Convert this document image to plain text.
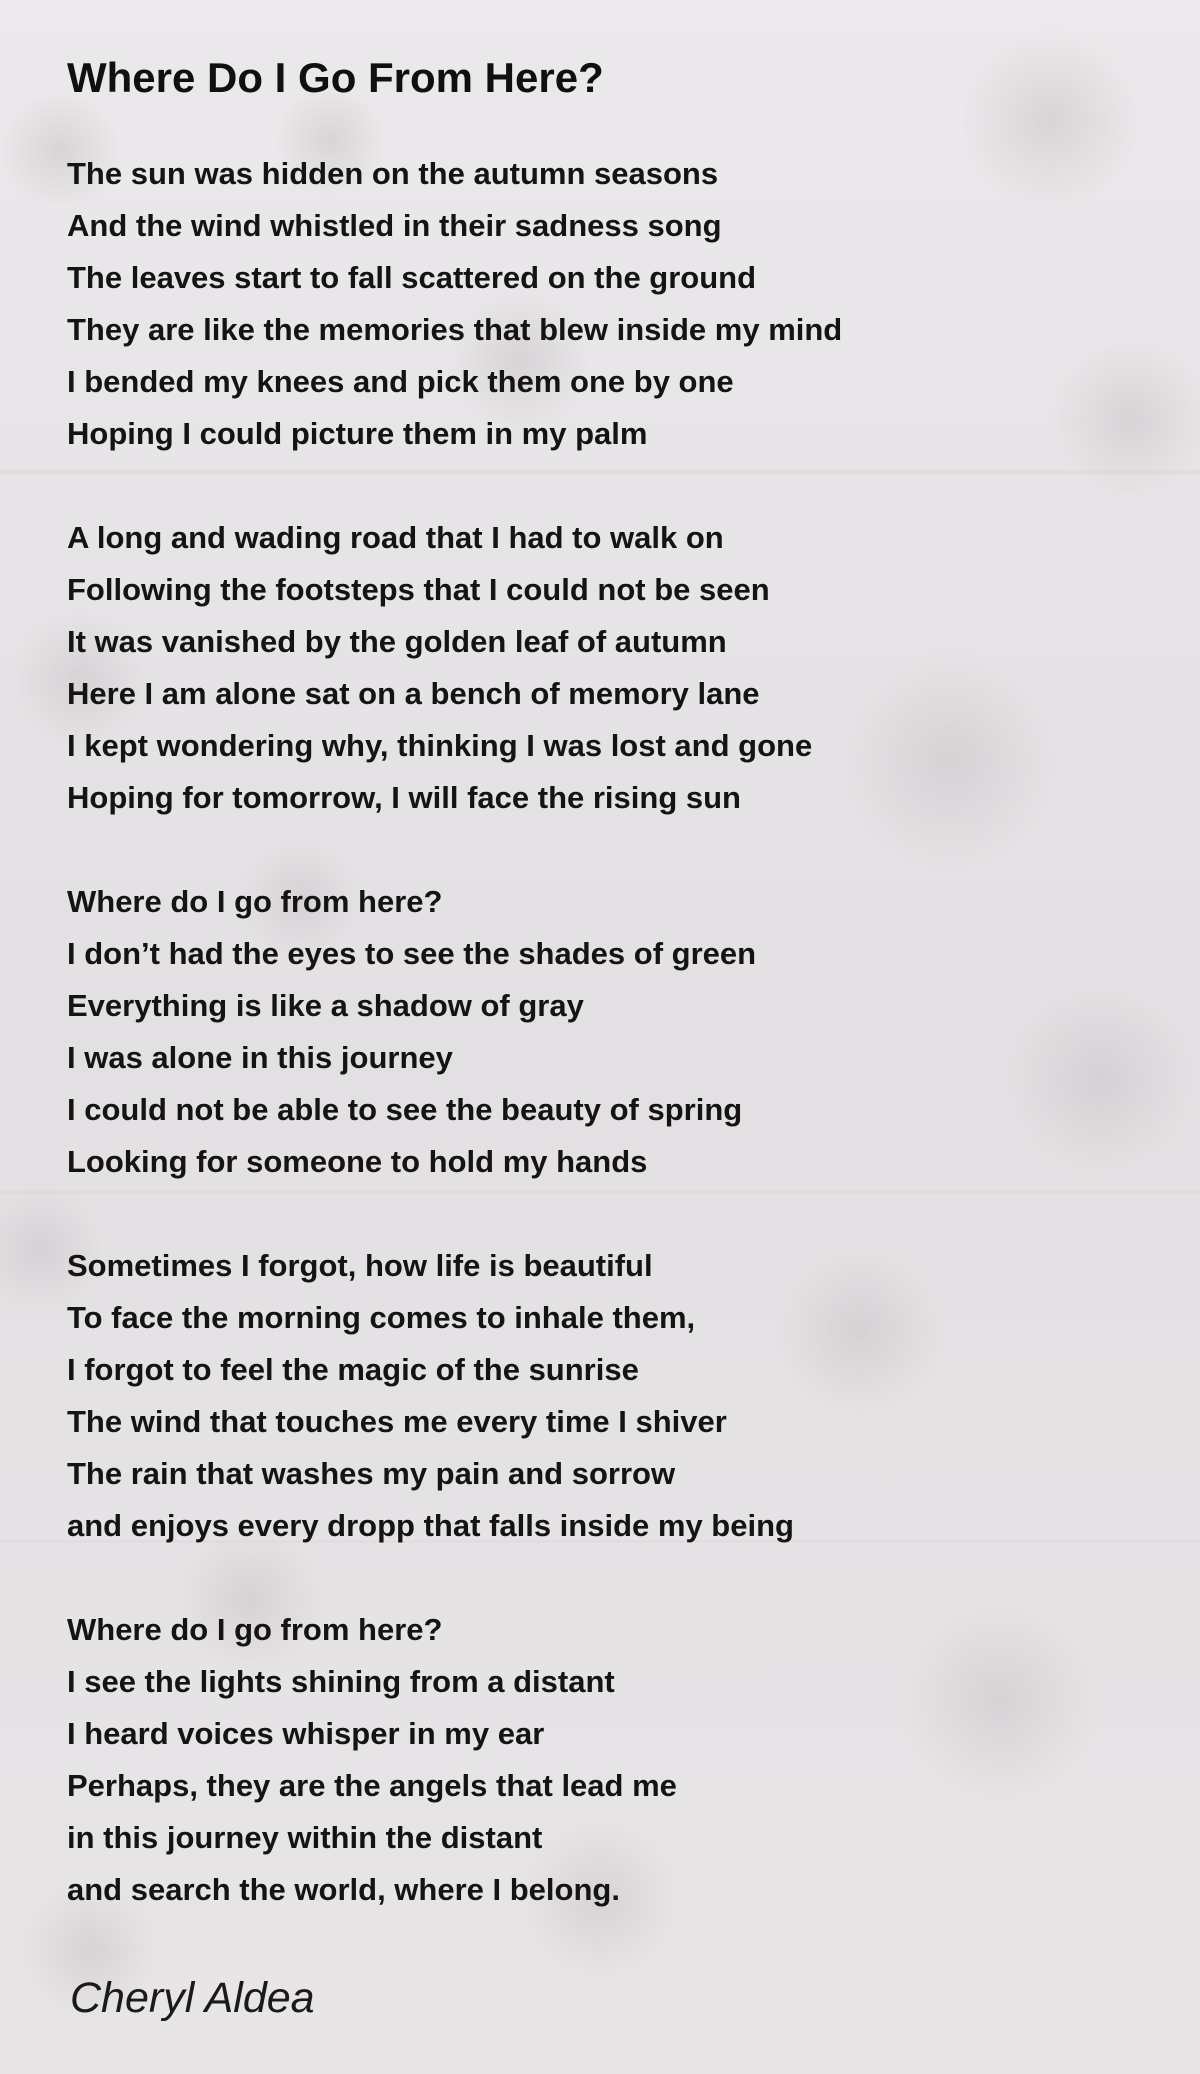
Where Do I Go From Here?
The sun was hidden on the autumn seasons
And the wind whistled in their sadness song
The leaves start to fall scattered on the ground
They are like the memories that blew inside my mind
I bended my knees and pick them one by one
Hoping I could picture them in my palm
A long and wading road that I had to walk on
Following the footsteps that I could not be seen
It was vanished by the golden leaf of autumn
Here I am alone sat on a bench of memory lane
I kept wondering why, thinking I was lost and gone
Hoping for tomorrow, I will face the rising sun
Where do I go from here?
I don’t had the eyes to see the shades of green
Everything is like a shadow of gray
I was alone in this journey
I could not be able to see the beauty of spring
Looking for someone to hold my hands
Sometimes I forgot, how life is beautiful
To face the morning comes to inhale them,
I forgot to feel the magic of the sunrise
The wind that touches me every time I shiver
The rain that washes my pain and sorrow
and enjoys every dropp that falls inside my being
Where do I go from here?
I see the lights shining from a distant
I heard voices whisper in my ear
Perhaps, they are the angels that lead me
in this journey within the distant
and search the world, where I belong.

Cheryl Aldea
